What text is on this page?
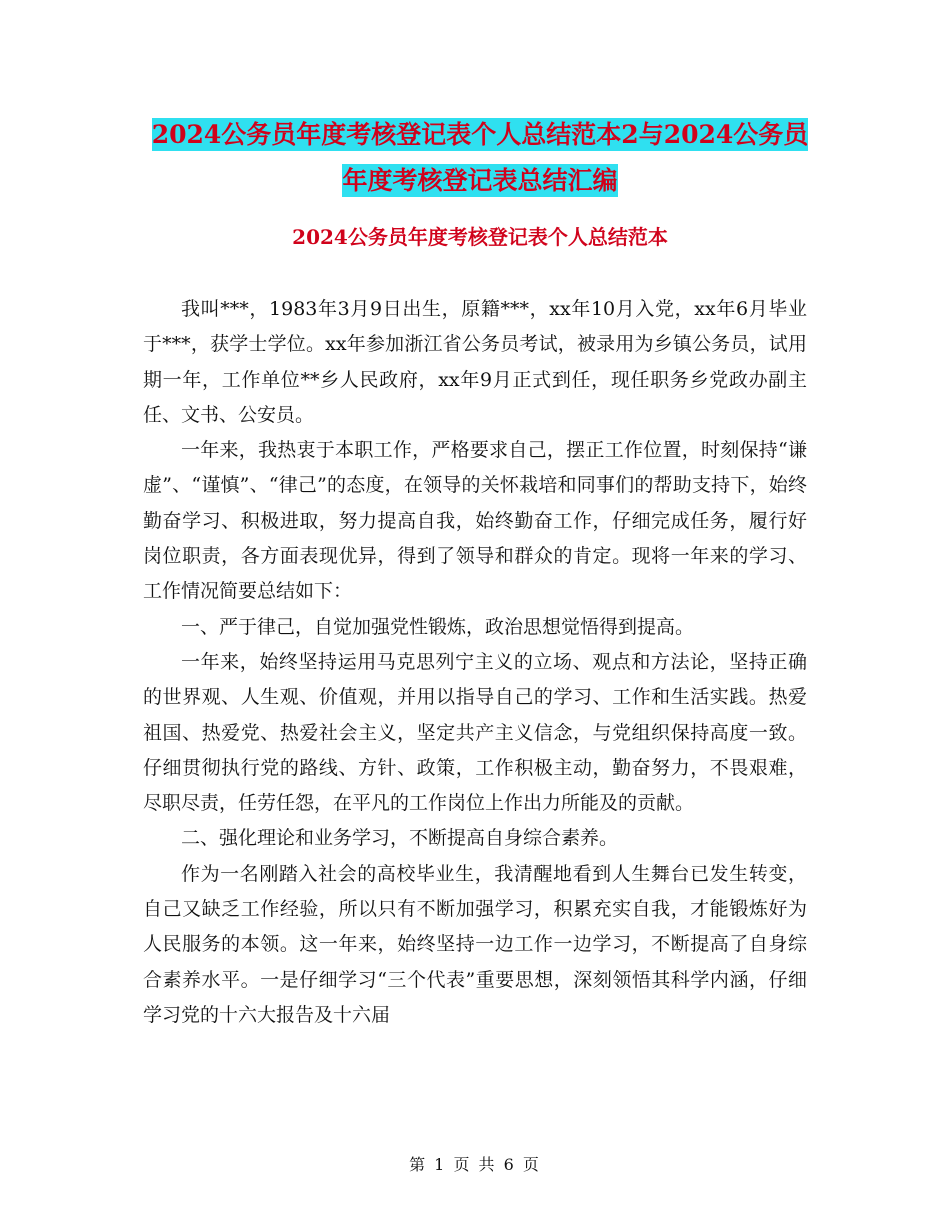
2024公务员年度考核登记表个人总结范本2与2024公务员年度考核登记表总结汇编
2024公务员年度考核登记表个人总结范本

我叫***，1983年3月9日出生，原籍***，xx年10月入党，xx年6月毕业于***，获学士学位。xx年参加浙江省公务员考试，被录用为乡镇公务员，试用期一年，工作单位**乡人民政府，xx年9月正式到任，现任职务乡党政办副主任、文书、公安员。

一年来，我热衷于本职工作，严格要求自己，摆正工作位置，时刻保持“谦虚”、“谨慎”、“律己”的态度，在领导的关怀栽培和同事们的帮助支持下，始终勤奋学习、积极进取，努力提高自我，始终勤奋工作，仔细完成任务，履行好岗位职责，各方面表现优异，得到了领导和群众的肯定。现将一年来的学习、工作情况简要总结如下：

一、严于律己，自觉加强党性锻炼，政治思想觉悟得到提高。

一年来，始终坚持运用马克思列宁主义的立场、观点和方法论，坚持正确的世界观、人生观、价值观，并用以指导自己的学习、工作和生活实践。热爱祖国、热爱党、热爱社会主义，坚定共产主义信念，与党组织保持高度一致。仔细贯彻执行党的路线、方针、政策，工作积极主动，勤奋努力，不畏艰难，尽职尽责，任劳任怨，在平凡的工作岗位上作出力所能及的贡献。

二、强化理论和业务学习，不断提高自身综合素养。

作为一名刚踏入社会的高校毕业生，我清醒地看到人生舞台已发生转变，自己又缺乏工作经验，所以只有不断加强学习，积累充实自我，才能锻炼好为人民服务的本领。这一年来，始终坚持一边工作一边学习，不断提高了自身综合素养水平。一是仔细学习“三个代表”重要思想，深刻领悟其科学内涵，仔细学习党的十六大报告及十六届

第 1 页 共 6 页
